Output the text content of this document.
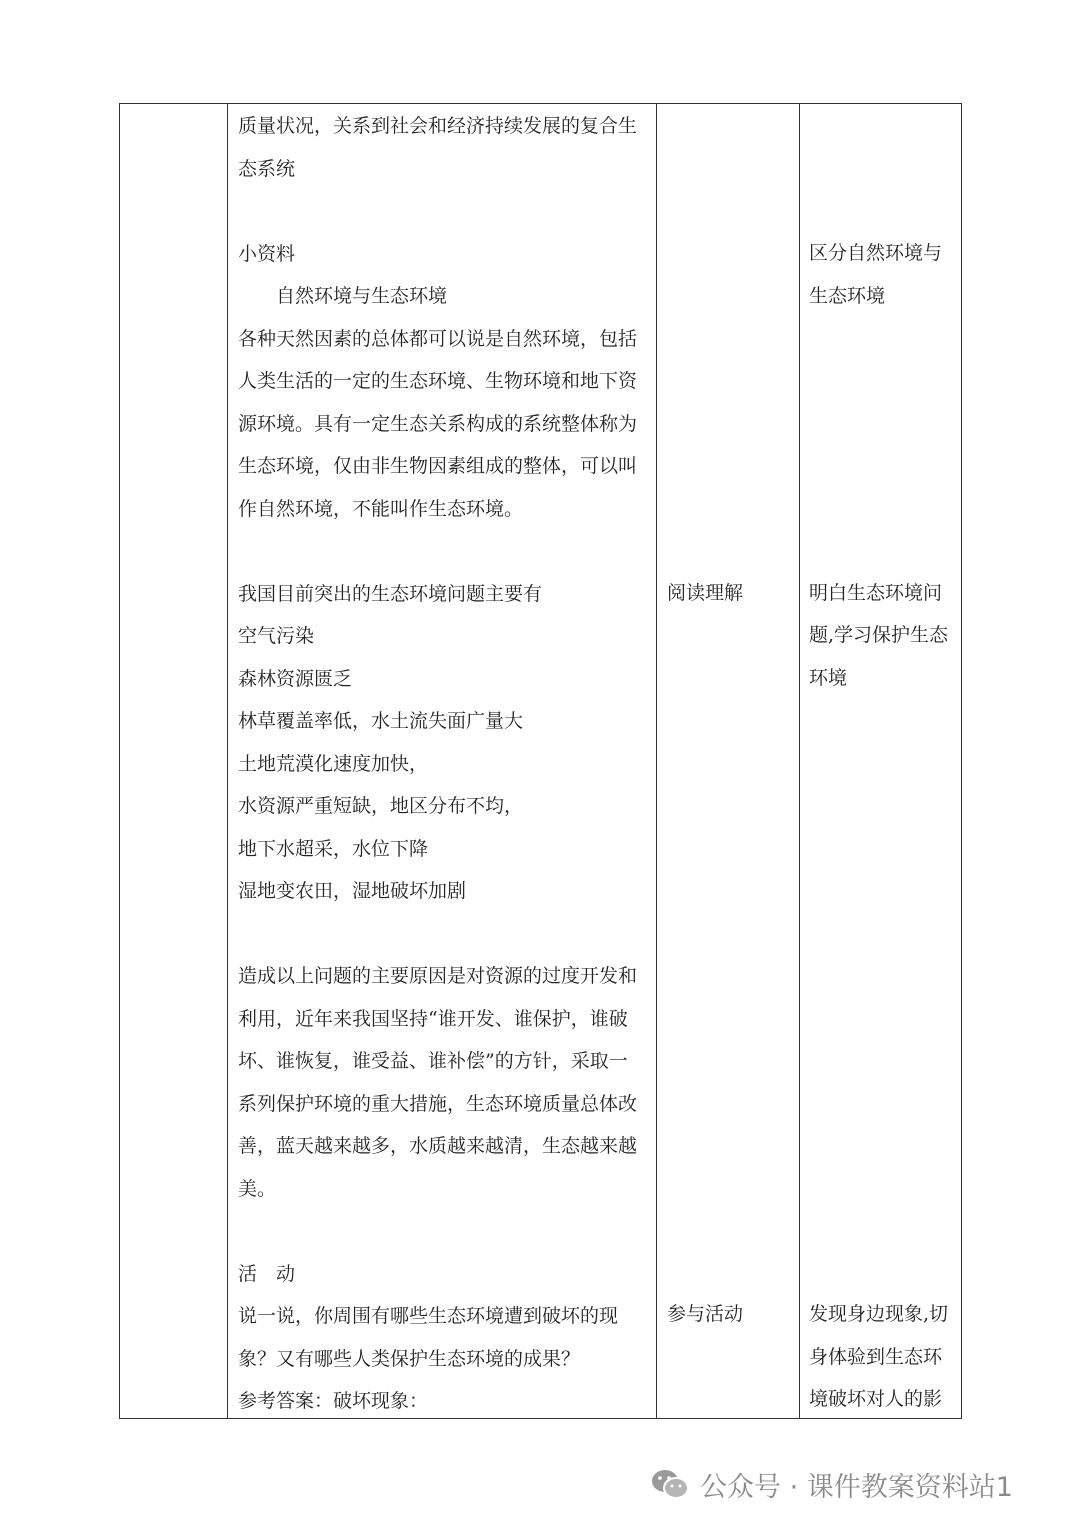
质量状况，关系到社会和经济持续发展的复合生
态系统
小资料
　　自然环境与生态环境
各种天然因素的总体都可以说是自然环境，包括
人类生活的一定的生态环境、生物环境和地下资
源环境。具有一定生态关系构成的系统整体称为
生态环境，仅由非生物因素组成的整体，可以叫
作自然环境，不能叫作生态环境。
我国目前突出的生态环境问题主要有
空气污染
森林资源匮乏
林草覆盖率低，水土流失面广量大
土地荒漠化速度加快，
水资源严重短缺，地区分布不均，
地下水超采，水位下降
湿地变农田，湿地破坏加剧
造成以上问题的主要原因是对资源的过度开发和
利用，近年来我国坚持“谁开发、谁保护，谁破
坏、谁恢复，谁受益、谁补偿”的方针，采取一
系列保护环境的重大措施，生态环境质量总体改
善，蓝天越来越多，水质越来越清，生态越来越
美。
活　动
说一说，你周围有哪些生态环境遭到破坏的现
象？又有哪些人类保护生态环境的成果？
参考答案：破坏现象：
阅读理解
参与活动
区分自然环境与
生态环境
明白生态环境问
题,学习保护生态
环境
发现身边现象,切
身体验到生态环
境破坏对人的影
公众号 · 课件教案资料站1
